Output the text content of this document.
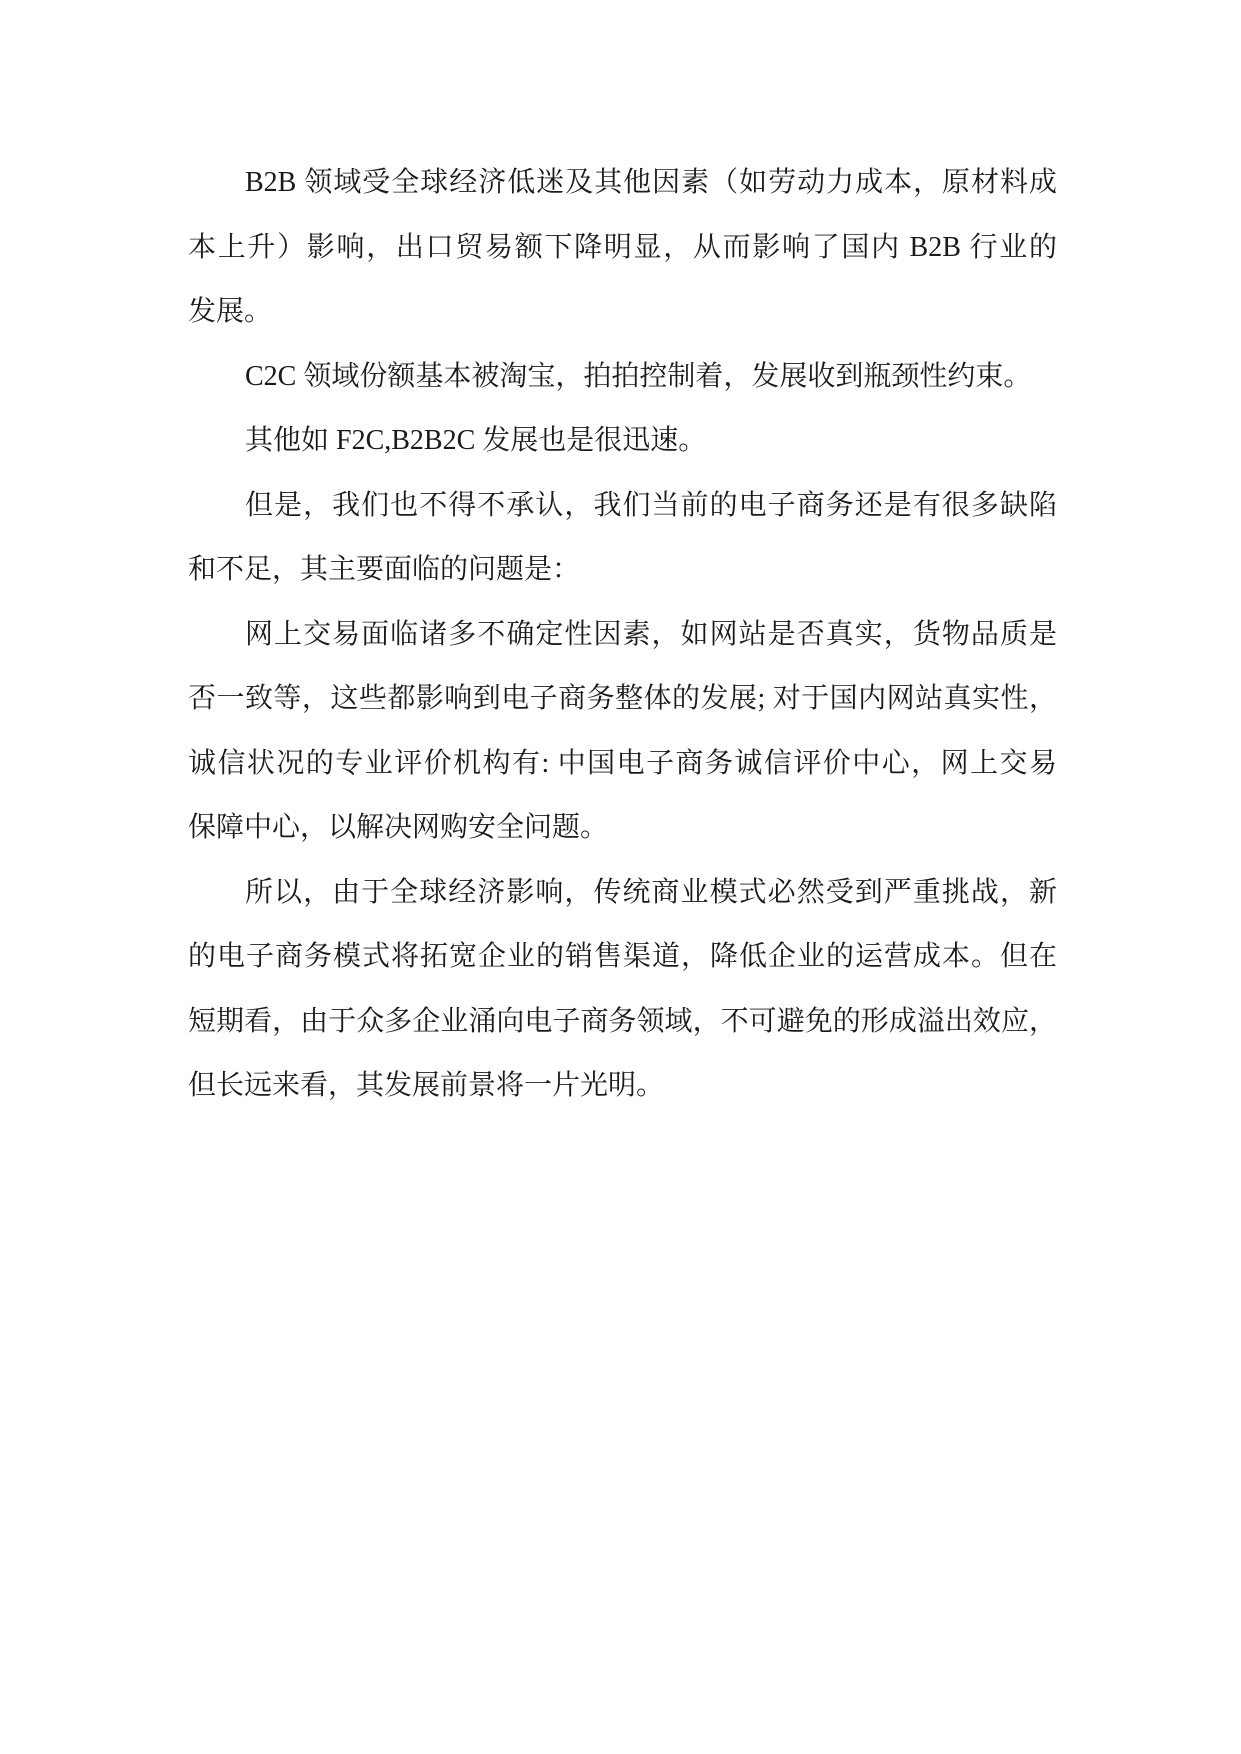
B2B 领域受全球经济低迷及其他因素（如劳动力成本，原材料成
本上升）影响，出口贸易额下降明显，从而影响了国内 B2B 行业的
发展。
C2C 领域份额基本被淘宝，拍拍控制着，发展收到瓶颈性约束。
其他如 F2C,B2B2C 发展也是很迅速。
但是，我们也不得不承认，我们当前的电子商务还是有很多缺陷
和不足，其主要面临的问题是：
网上交易面临诸多不确定性因素，如网站是否真实，货物品质是
否一致等，这些都影响到电子商务整体的发展; 对于国内网站真实性，
诚信状况的专业评价机构有: 中国电子商务诚信评价中心，网上交易
保障中心，以解决网购安全问题。
所以，由于全球经济影响，传统商业模式必然受到严重挑战，新
的电子商务模式将拓宽企业的销售渠道，降低企业的运营成本。但在
短期看，由于众多企业涌向电子商务领域，不可避免的形成溢出效应，
但长远来看，其发展前景将一片光明。
